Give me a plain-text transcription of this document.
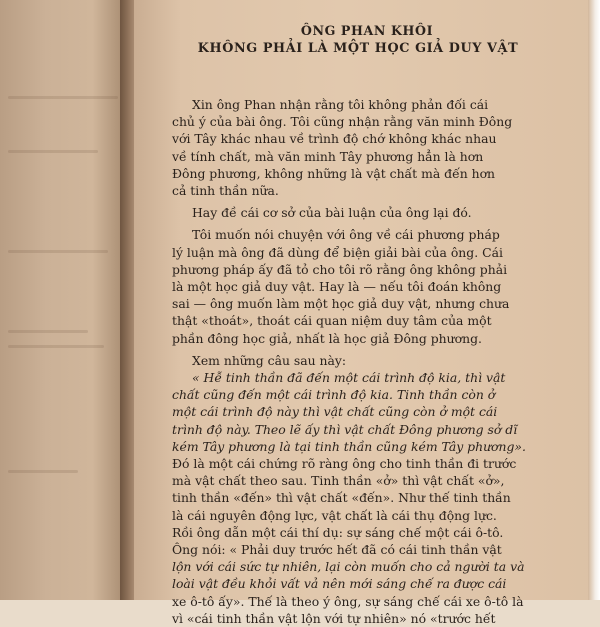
ÔNG PHAN KHÔI
KHÔNG PHẢI LÀ MỘT HỌC GIẢ DUY VẬT
Xin ông Phan nhận rằng tôi không phản đối cái
chủ ý của bài ông. Tôi cũng nhận rằng văn minh Đông
với Tây khác nhau về trình độ chớ không khác nhau
về tính chất, mà văn minh Tây phương hẳn là hơn
Đông phương, không những là vật chất mà đến hơn
cả tinh thần nữa.
Hay đề cái cơ sở của bài luận của ông lại đó.
Tôi muốn nói chuyện với ông về cái phương pháp
lý luận mà ông đã dùng để biện giải bài của ông. Cái
phương pháp ấy đã tỏ cho tôi rõ rằng ông không phải
là một học giả duy vật. Hay là — nếu tôi đoán không
sai — ông muốn làm một học giả duy vật, nhưng chưa
thật «thoát», thoát cái quan niệm duy tâm của một
phần đông học giả, nhất là học giả Đông phương.
Xem những câu sau này:
« Hễ tinh thần đã đến một cái trình độ kia, thì vật
chất cũng đến một cái trình độ kia. Tinh thần còn ở
một cái trình độ này thì vật chất cũng còn ở một cái
trình độ này. Theo lẽ ấy thì vật chất Đông phương sở dĩ
kém Tây phương là tại tinh thần cũng kém Tây phương».
Đó là một cái chứng rõ ràng ông cho tinh thần đi trước
mà vật chất theo sau. Tinh thần «ở» thì vật chất «ở»,
tinh thần «đến» thì vật chất «đến». Như thế tinh thần
là cái nguyên động lực, vật chất là cái thụ động lực.
Rồi ông dẫn một cái thí dụ: sự sáng chế một cái ô-tô.
Ông nói: « Phải duy trước hết đã có cái tinh thần vật
lộn với cái sức tự nhiên, lại còn muốn cho cả người ta và
loài vật đều khỏi vất vả nên mới sáng chế ra được cái
xe ô-tô ấy». Thế là theo ý ông, sự sáng chế cái xe ô-tô là
vì «cái tinh thần vật lộn với tự nhiên» nó «trước hết
